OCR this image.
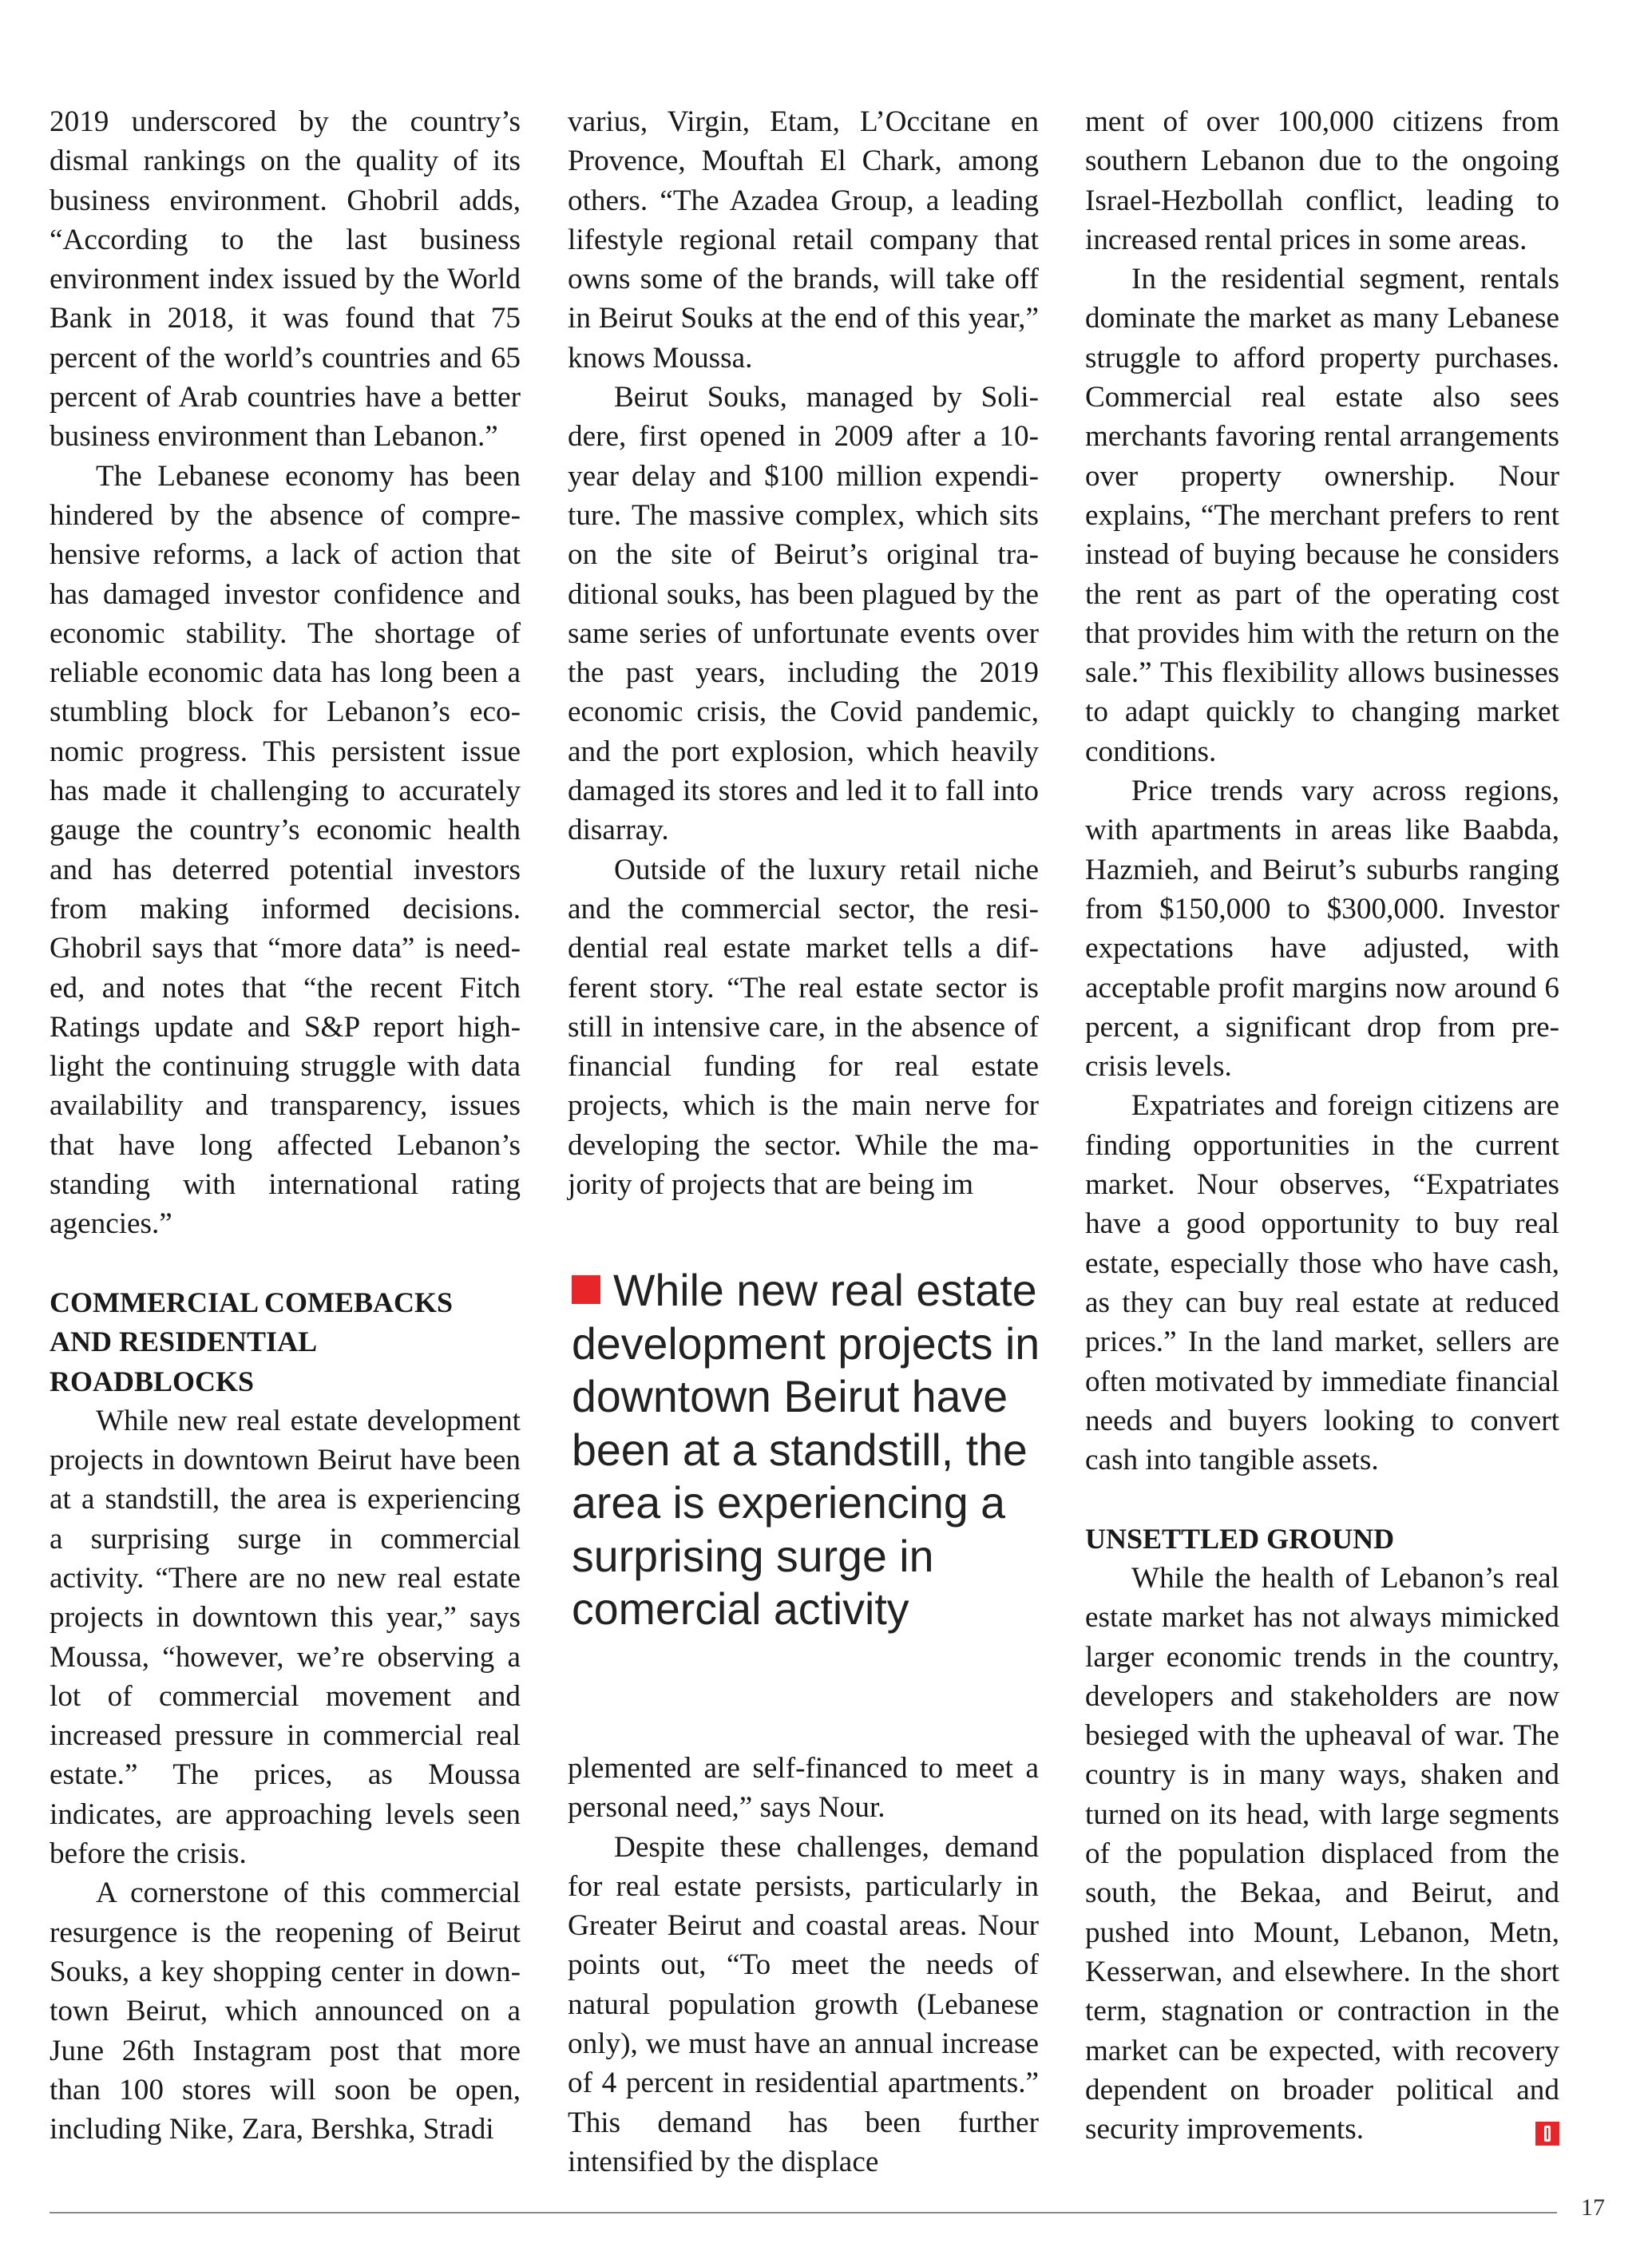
2019 underscored by the country’s dismal rankings on the quality of its business environment. Ghobril adds, “According to the last business environment index issued by the World Bank in 2018, it was found that 75 percent of the world’s countries and 65 percent of Arab countries have a better business environment than Lebanon.”

The Lebanese economy has been hindered by the absence of comprehensive reforms, a lack of action that has damaged investor confidence and economic stability. The shortage of reliable economic data has long been a stumbling block for Lebanon’s economic progress. This persistent issue has made it challenging to accurately gauge the country’s economic health and has deterred potential investors from making informed decisions. Ghobril says that “more data” is needed, and notes that “the recent Fitch Ratings update and S&P report highlight the continuing struggle with data availability and transparency, issues that have long affected Lebanon’s standing with international rating agencies.”

COMMERCIAL COMEBACKS
AND RESIDENTIAL
ROADBLOCKS

While new real estate development projects in downtown Beirut have been at a standstill, the area is experiencing a surprising surge in commercial activity. “There are no new real estate projects in downtown this year,” says Moussa, “however, we’re observing a lot of commercial movement and increased pressure in commercial real estate.” The prices, as Moussa indicates, are approaching levels seen before the crisis.

A cornerstone of this commercial resurgence is the reopening of Beirut Souks, a key shopping center in downtown Beirut, which announced on a June 26th Instagram post that more than 100 stores will soon be open, including Nike, Zara, Bershka, Stradi

varius, Virgin, Etam, L’Occitane en Provence, Mouftah El Chark, among others. “The Azadea Group, a leading lifestyle regional retail company that owns some of the brands, will take off in Beirut Souks at the end of this year,” knows Moussa.

Beirut Souks, managed by Solidere, first opened in 2009 after a 10-year delay and $100 million expenditure. The massive complex, which sits on the site of Beirut’s original traditional souks, has been plagued by the same series of unfortunate events over the past years, including the 2019 economic crisis, the Covid pandemic, and the port explosion, which heavily damaged its stores and led it to fall into disarray.

Outside of the luxury retail niche and the commercial sector, the residential real estate market tells a different story. “The real estate sector is still in intensive care, in the absence of financial funding for real estate projects, which is the main nerve for developing the sector. While the majority of projects that are being im

While new real estate development projects in downtown Beirut have been at a standstill, the area is experiencing a surprising surge in comercial activity

plemented are self-financed to meet a personal need,” says Nour.

Despite these challenges, demand for real estate persists, particularly in Greater Beirut and coastal areas. Nour points out, “To meet the needs of natural population growth (Lebanese only), we must have an annual increase of 4 percent in residential apartments.” This demand has been further intensified by the displace

ment of over 100,000 citizens from southern Lebanon due to the ongoing Israel-Hezbollah conflict, leading to increased rental prices in some areas.

In the residential segment, rentals dominate the market as many Lebanese struggle to afford property purchases. Commercial real estate also sees merchants favoring rental arrangements over property ownership. Nour explains, “The merchant prefers to rent instead of buying because he considers the rent as part of the operating cost that provides him with the return on the sale.” This flexibility allows businesses to adapt quickly to changing market conditions.

Price trends vary across regions, with apartments in areas like Baabda, Hazmieh, and Beirut’s suburbs ranging from $150,000 to $300,000. Investor expectations have adjusted, with acceptable profit margins now around 6 percent, a significant drop from pre-crisis levels.

Expatriates and foreign citizens are finding opportunities in the current market. Nour observes, “Expatriates have a good opportunity to buy real estate, especially those who have cash, as they can buy real estate at reduced prices.” In the land market, sellers are often motivated by immediate financial needs and buyers looking to convert cash into tangible assets.

UNSETTLED GROUND

While the health of Lebanon’s real estate market has not always mimicked larger economic trends in the country, developers and stakeholders are now besieged with the upheaval of war. The country is in many ways, shaken and turned on its head, with large segments of the population displaced from the south, the Bekaa, and Beirut, and pushed into Mount, Lebanon, Metn, Kesserwan, and elsewhere. In the short term, stagnation or contraction in the market can be expected, with recovery dependent on broader political and security improvements.

17
